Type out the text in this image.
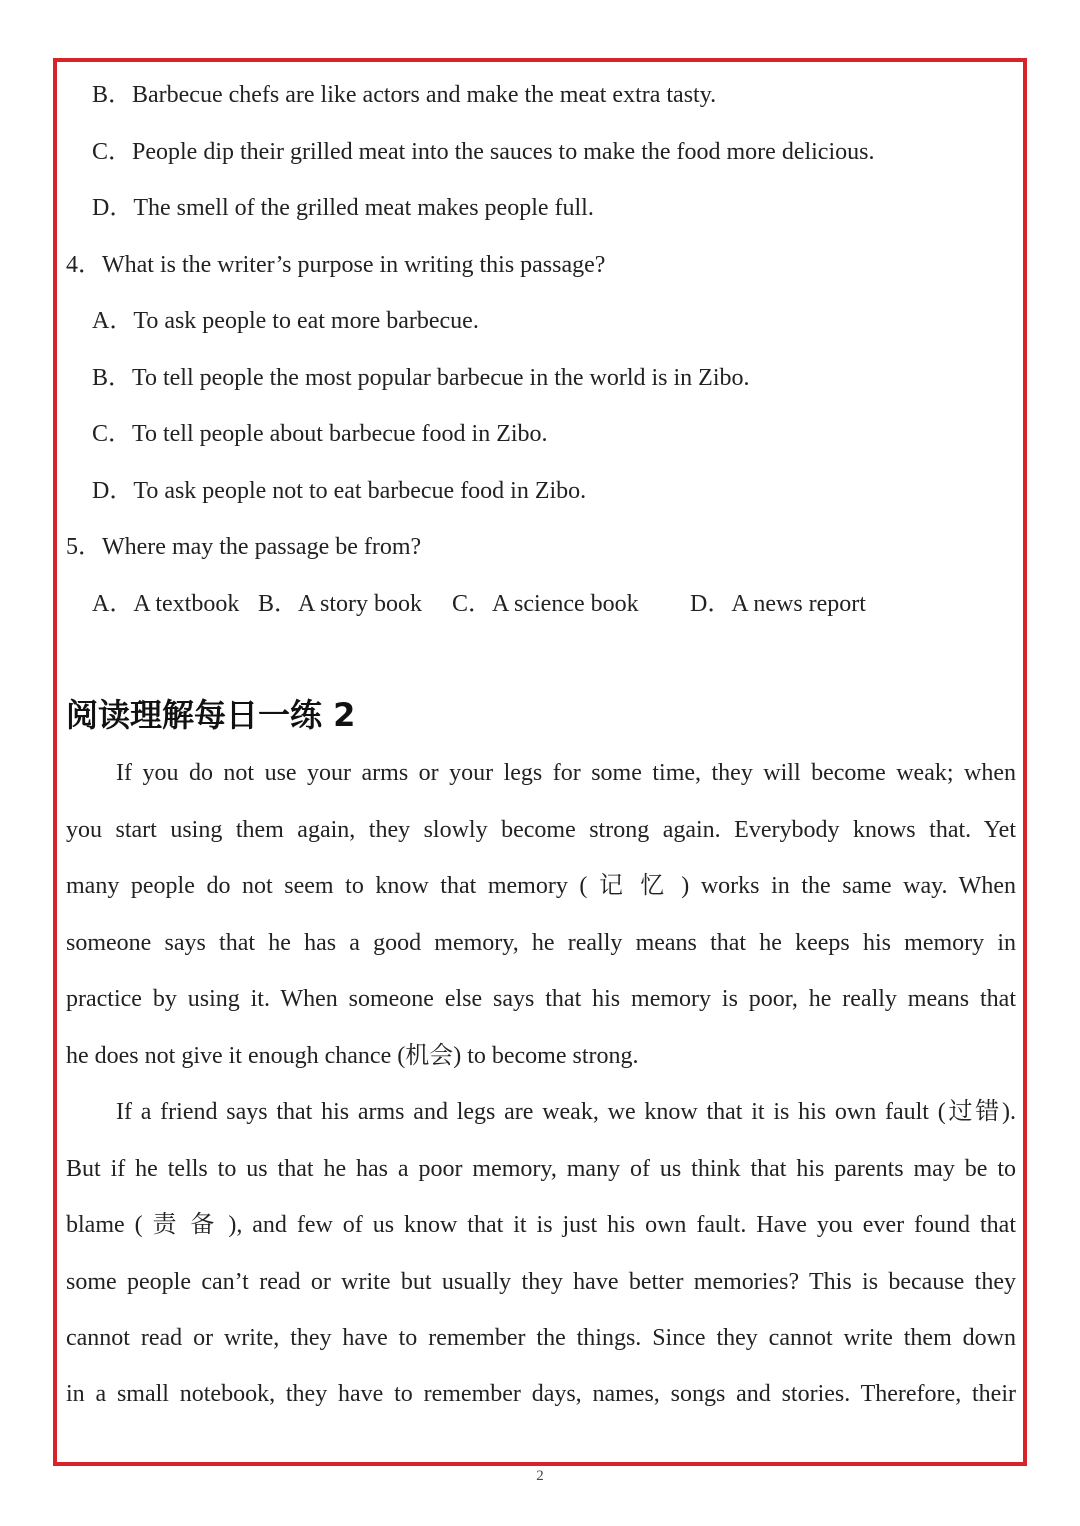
B．Barbecue chefs are like actors and make the meat extra tasty.
C．People dip their grilled meat into the sauces to make the food more delicious.
D．The smell of the grilled meat makes people full.
4．What is the writer’s purpose in writing this passage?
A．To ask people to eat more barbecue.
B．To tell people the most popular barbecue in the world is in Zibo.
C．To tell people about barbecue food in Zibo.
D．To ask people not to eat barbecue food in Zibo.
5．Where may the passage be from?
A．A textbook B．A story book C．A science book D．A news report
阅读理解每日一练 2
If you do not use your arms or your legs for some time, they will become weak; when
you start using them again, they slowly become strong again. Everybody knows that. Yet
many people do not seem to know that memory ( 记 忆 ) works in the same way. When
someone says that he has a good memory, he really means that he keeps his memory in
practice by using it. When someone else says that his memory is poor, he really means that
he does not give it enough chance (机会) to become strong.
If a friend says that his arms and legs are weak, we know that it is his own fault (过错).
But if he tells to us that he has a poor memory, many of us think that his parents may be to
blame ( 责 备 ), and few of us know that it is just his own fault. Have you ever found that
some people can’t read or write but usually they have better memories? This is because they
cannot read or write, they have to remember the things. Since they cannot write them down
in a small notebook, they have to remember days, names, songs and stories. Therefore, their
2
